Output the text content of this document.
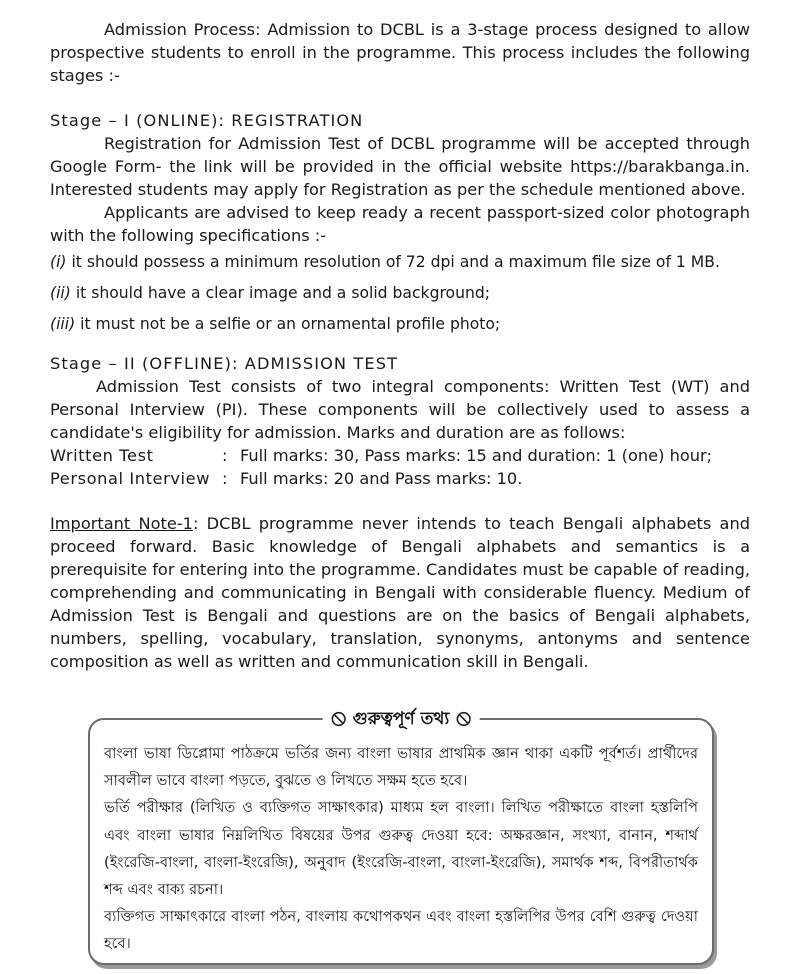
Admission Process: Admission to DCBL is a 3-stage process designed to allow prospective students to enroll in the programme. This process includes the following stages :-

Stage – I (ONLINE): REGISTRATION

Registration for Admission Test of DCBL programme will be accepted through Google Form- the link will be provided in the official website https://barakbanga.in. Interested students may apply for Registration as per the schedule mentioned above.

Applicants are advised to keep ready a recent passport-sized color photograph with the following specifications :-

(i) it should possess a minimum resolution of 72 dpi and a maximum file size of 1 MB.

(ii) it should have a clear image and a solid background;

(iii) it must not be a selfie or an ornamental profile photo;

Stage – II (OFFLINE): ADMISSION TEST

Admission Test consists of two integral components: Written Test (WT) and Personal Interview (PI). These components will be collectively used to assess a candidate's eligibility for admission. Marks and duration are as follows:

Written Test	: Full marks: 30, Pass marks: 15 and duration: 1 (one) hour;

Personal Interview : Full marks: 20 and Pass marks: 10.

Important Note-1: DCBL programme never intends to teach Bengali alphabets and proceed forward. Basic knowledge of Bengali alphabets and semantics is a prerequisite for entering into the programme. Candidates must be capable of reading, comprehending and communicating in Bengali with considerable fluency. Medium of Admission Test is Bengali and questions are on the basics of Bengali alphabets, numbers, spelling, vocabulary, translation, synonyms, antonyms and sentence composition as well as written and communication skill in Bengali.

গুরুত্বপূর্ণ তথ্য

বাংলা ভাষা ডিপ্লোমা পাঠক্রমে ভর্তির জন্য বাংলা ভাষার প্রাথমিক জ্ঞান থাকা একটি পূর্বশর্ত। প্রার্থীদের সাবলীল ভাবে বাংলা পড়তে, বুঝতে ও লিখতে সক্ষম হতে হবে।

ভর্তি পরীক্ষার (লিখিত ও ব্যক্তিগত সাক্ষাৎকার) মাধ্যম হল বাংলা। লিখিত পরীক্ষাতে বাংলা হস্তলিপি এবং বাংলা ভাষার নিম্নলিখিত বিষয়ের উপর গুরুত্ব দেওয়া হবে: অক্ষরজ্ঞান, সংখ্যা, বানান, শব্দার্থ (ইংরেজি-বাংলা, বাংলা-ইংরেজি), অনুবাদ (ইংরেজি-বাংলা, বাংলা-ইংরেজি), সমার্থক শব্দ, বিপরীতার্থক শব্দ এবং বাক্য রচনা।

ব্যক্তিগত সাক্ষাৎকারে বাংলা পঠন, বাংলায় কথোপকথন এবং বাংলা হস্তলিপির উপর বেশি গুরুত্ব দেওয়া হবে।
